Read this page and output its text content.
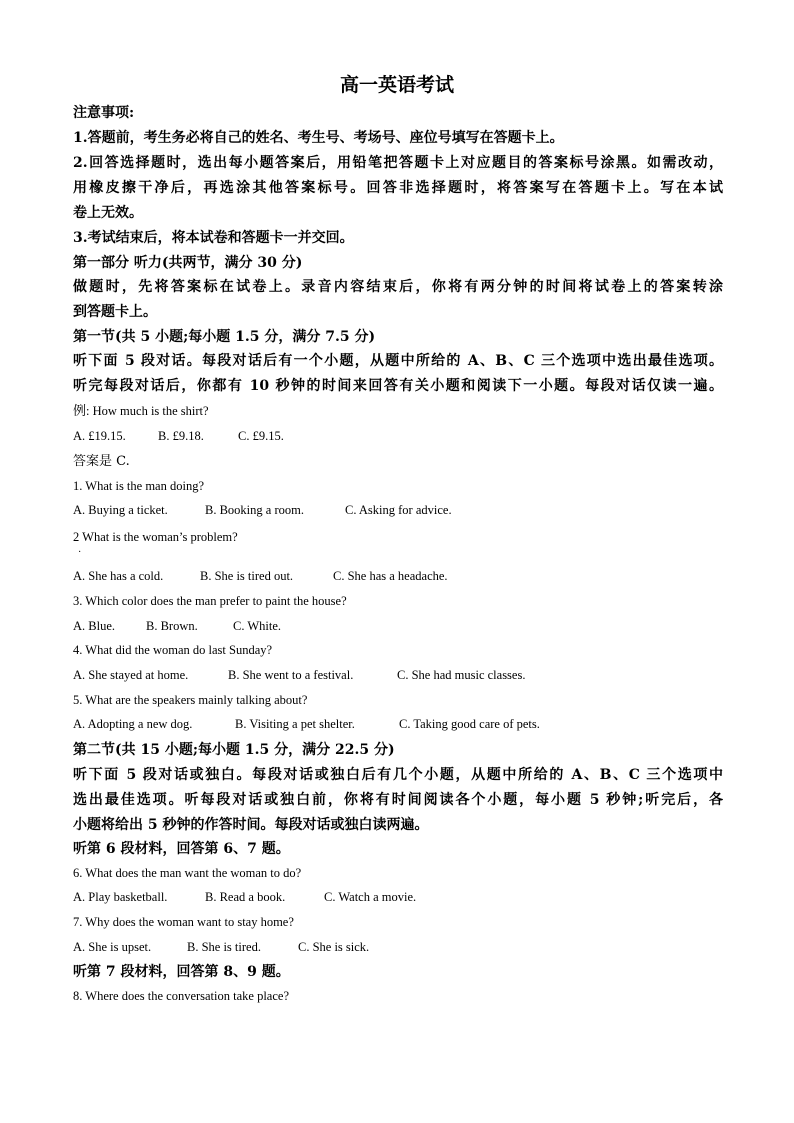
高一英语考试
注意事项:
1.答题前，考生务必将自己的姓名、考生号、考场号、座位号填写在答题卡上。
2.回答选择题时，选出每小题答案后，用铅笔把答题卡上对应题目的答案标号涂黑。如需改动，
用橡皮擦干净后，再选涂其他答案标号。回答非选择题时，将答案写在答题卡上。写在本试
卷上无效。
3.考试结束后，将本试卷和答题卡一并交回。
第一部分 听力(共两节，满分 30 分)
做题时，先将答案标在试卷上。录音内容结束后，你将有两分钟的时间将试卷上的答案转涂
到答题卡上。
第一节(共 5 小题;每小题 1.5 分，满分 7.5 分)
听下面 5 段对话。每段对话后有一个小题，从题中所给的 A、B、C 三个选项中选出最佳选项。
听完每段对话后，你都有 10 秒钟的时间来回答有关小题和阅读下一小题。每段对话仅读一遍。
例: How much is the shirt?
A. £19.15.	B. £9.18.	C. £9.15.
答案是 C.
1. What is the man doing?
A. Buying a ticket.	B. Booking a room.	C. Asking for advice.
2 What is the woman’s problem?
·
A. She has a cold.	B. She is tired out.	C. She has a headache.
3. Which color does the man prefer to paint the house?
A. Blue. B. Brown.	C. White.
4. What did the woman do last Sunday?
A. She stayed at home.	B. She went to a festival.	C. She had music classes.
5. What are the speakers mainly talking about?
A. Adopting a new dog.	B. Visiting a pet shelter.	C. Taking good care of pets.
第二节(共 15 小题;每小题 1.5 分，满分 22.5 分)
听下面 5 段对话或独白。每段对话或独白后有几个小题，从题中所给的 A、B、C 三个选项中
选出最佳选项。听每段对话或独白前，你将有时间阅读各个小题，每小题 5 秒钟;听完后，各
小题将给出 5 秒钟的作答时间。每段对话或独白读两遍。
听第 6 段材料，回答第 6、7 题。
6. What does the man want the woman to do?
A. Play basketball.	B. Read a book.	C. Watch a movie.
7. Why does the woman want to stay home?
A. She is upset.	B. She is tired.	C. She is sick.
听第 7 段材料，回答第 8、9 题。
8. Where does the conversation take place?
